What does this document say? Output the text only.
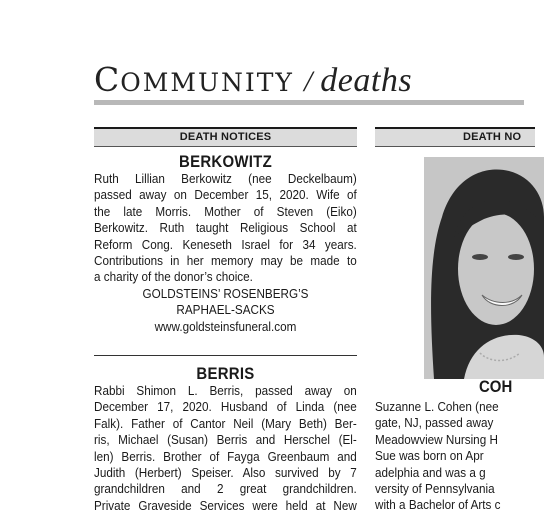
COMMUNITY / deaths
DEATH NOTICES
BERKOWITZ
Ruth Lillian Berkowitz (nee Deckelbaum)
passed away on December 15, 2020. Wife of
the late Morris. Mother of Steven (Eiko)
Berkowitz. Ruth taught Religious School at
Reform Cong. Keneseth Israel for 34 years.
Contributions in her memory may be made to
a charity of the donor’s choice.
GOLDSTEINS’ ROSENBERG’S
RAPHAEL-SACKS
www.goldsteinsfuneral.com
BERRIS
Rabbi Shimon L. Berris, passed away on
December 17, 2020. Husband of Linda (nee
Falk). Father of Cantor Neil (Mary Beth) Ber-
ris, Michael (Susan) Berris and Herschel (El-
len) Berris. Brother of Fayga Greenbaum and
Judith (Herbert) Speiser. Also survived by 7
grandchildren and 2 great grandchildren.
Private Graveside Services were held at New
DEATH NO
COH
Suzanne L. Cohen (nee
gate, NJ, passed away
Meadowview Nursing H
Sue was born on Apr
adelphia and was a g
versity of Pennsylvania
with a Bachelor of Arts c
